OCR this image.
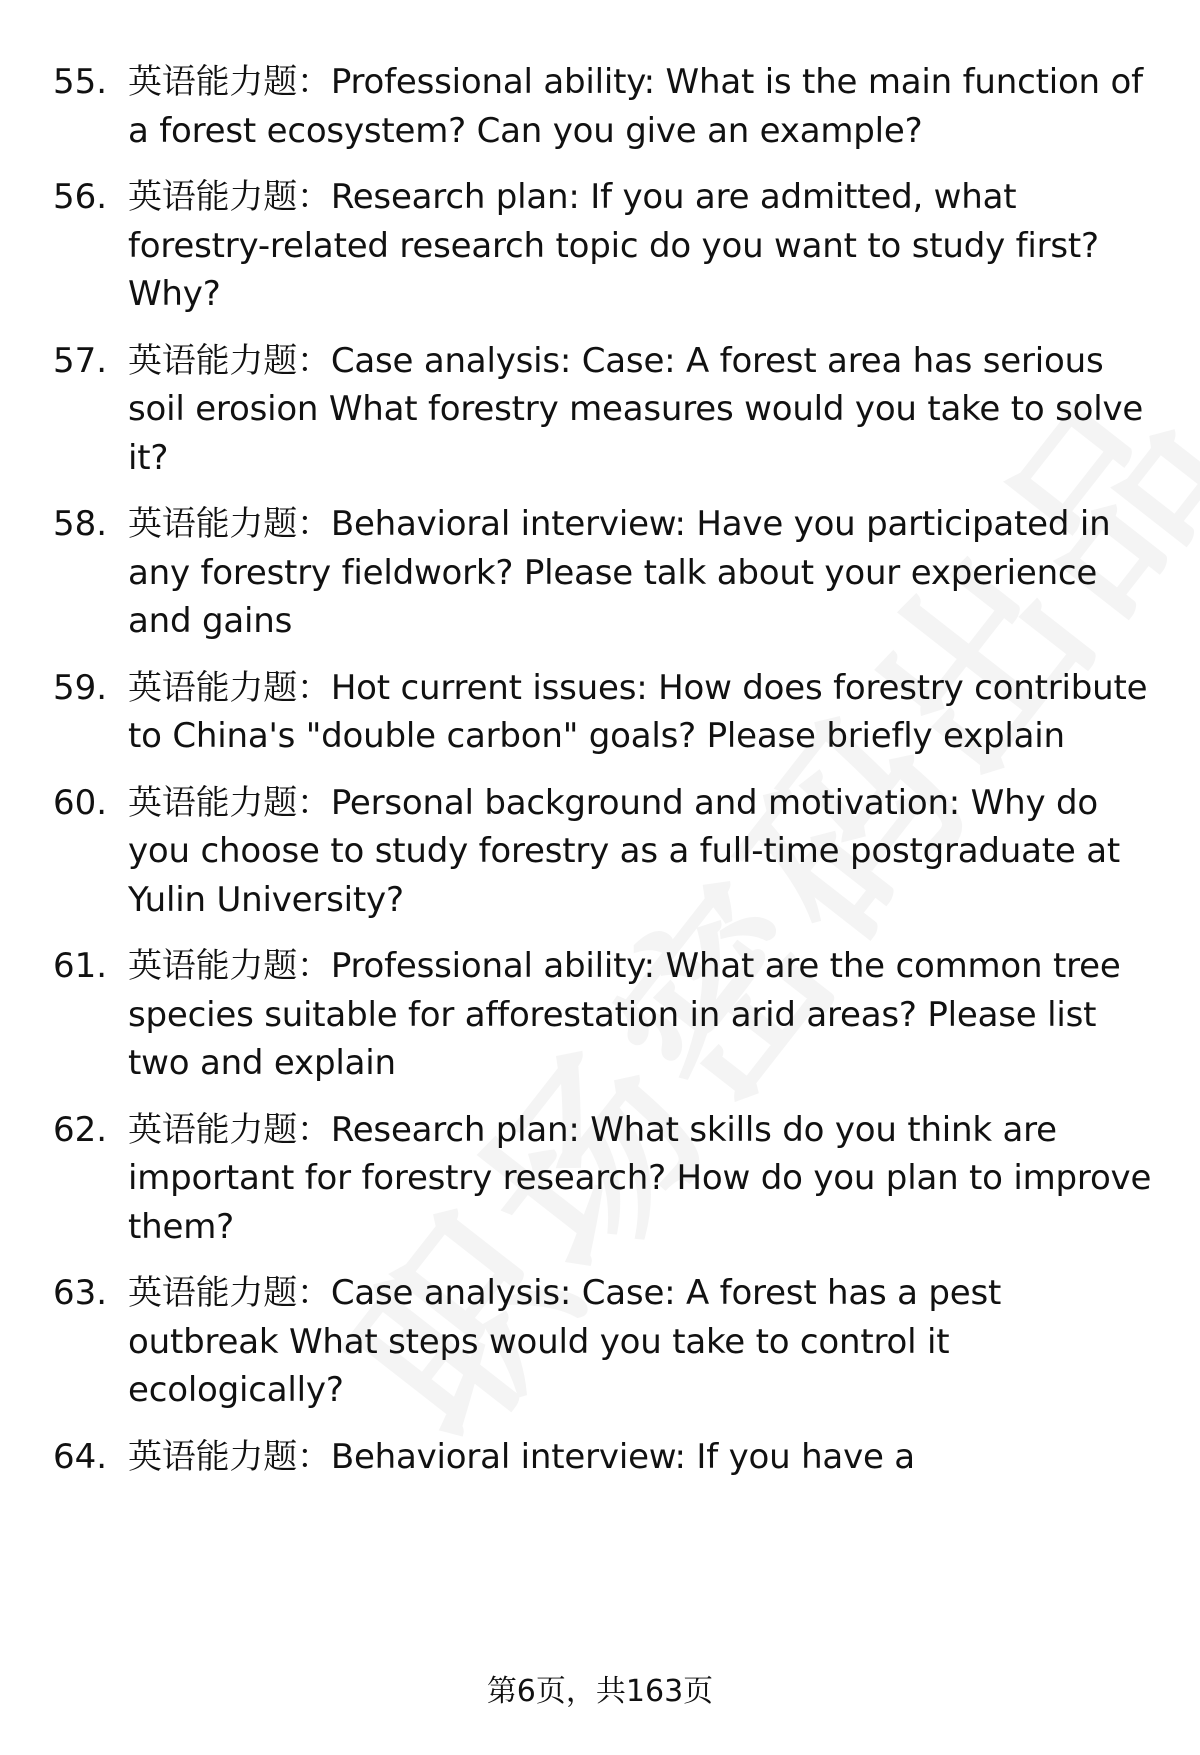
55. 英语能力题：Professional ability: What is the main function of a forest ecosystem? Can you give an example?
56. 英语能力题：Research plan: If you are admitted, what forestry-related research topic do you want to study first? Why?
57. 英语能力题：Case analysis: Case: A forest area has serious soil erosion What forestry measures would you take to solve it?
58. 英语能力题：Behavioral interview: Have you participated in any forestry fieldwork? Please talk about your experience and gains
59. 英语能力题：Hot current issues: How does forestry contribute to China's "double carbon" goals? Please briefly explain
60. 英语能力题：Personal background and motivation: Why do you choose to study forestry as a full-time postgraduate at Yulin University?
61. 英语能力题：Professional ability: What are the common tree species suitable for afforestation in arid areas? Please list two and explain
62. 英语能力题：Research plan: What skills do you think are important for forestry research? How do you plan to improve them?
63. 英语能力题：Case analysis: Case: A forest has a pest outbreak What steps would you take to control it ecologically?
64. 英语能力题：Behavioral interview: If you have a
第6页，共163页
